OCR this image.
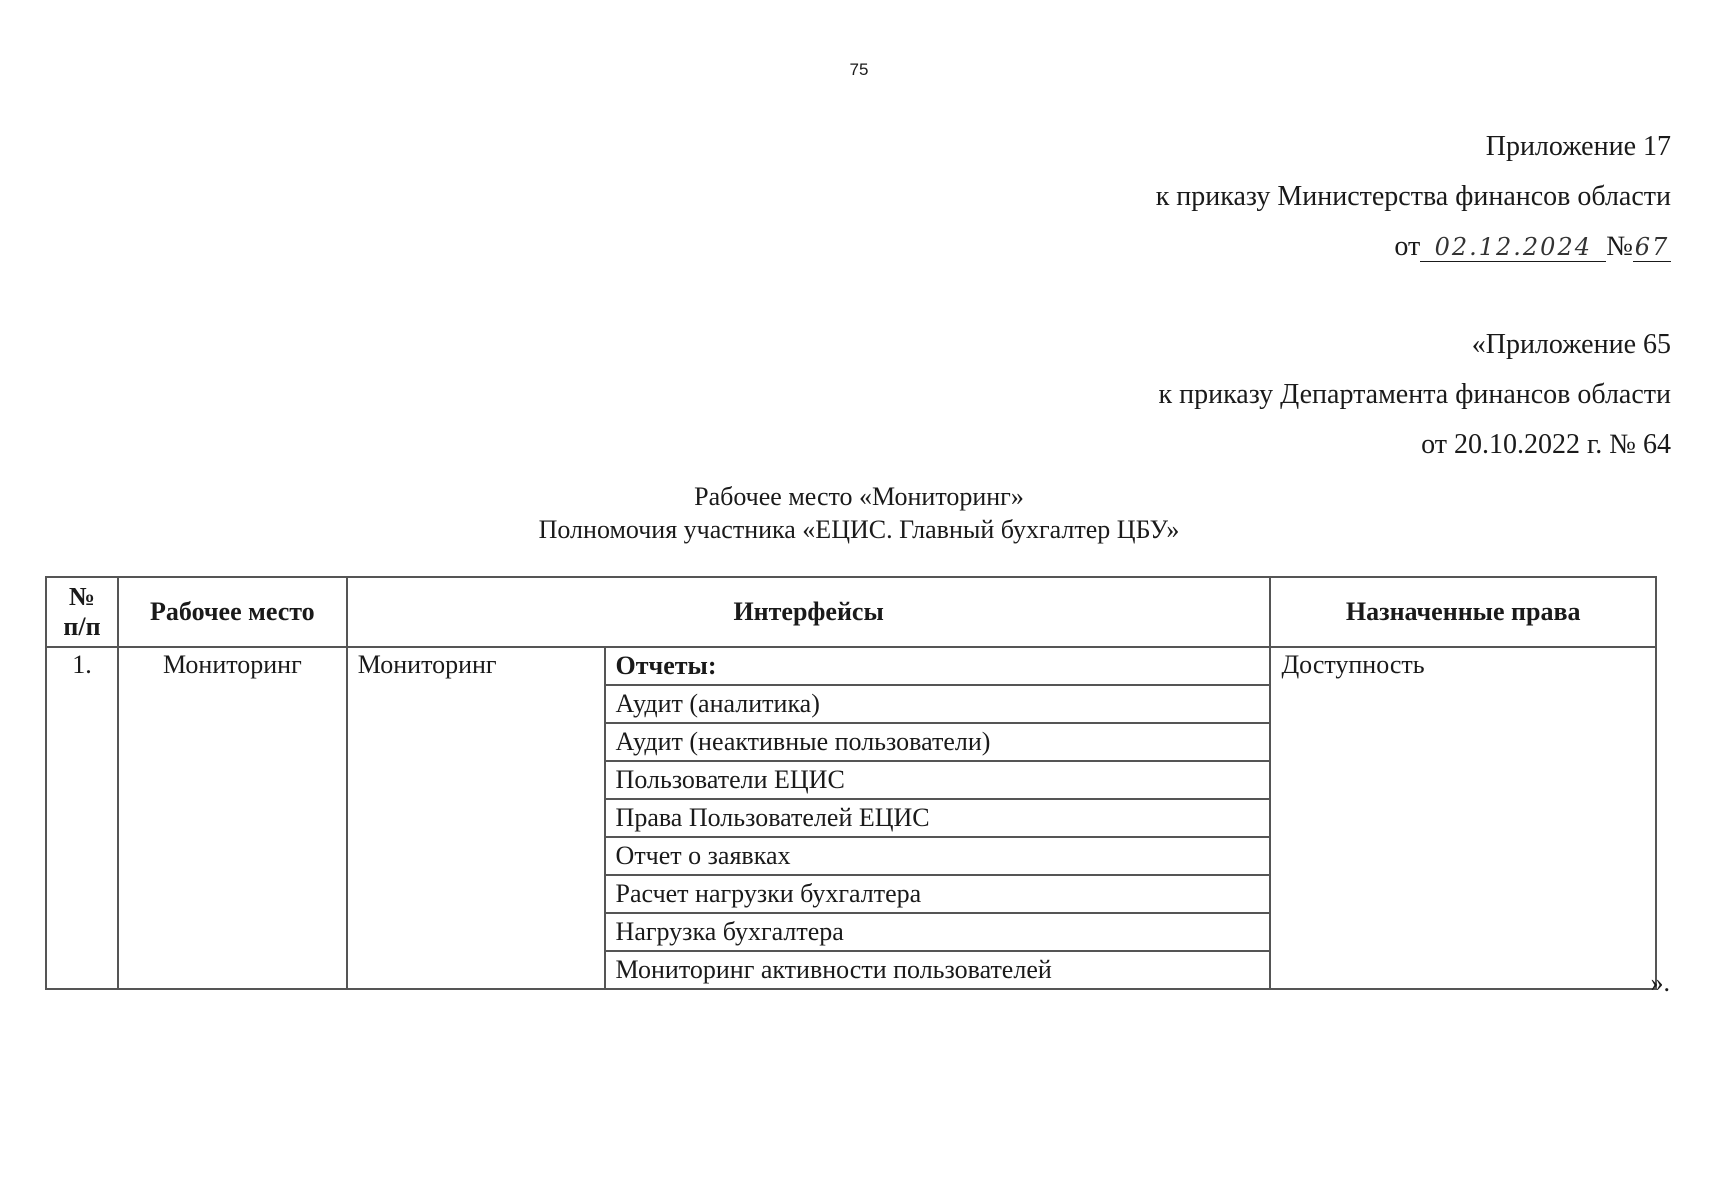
75
Приложение 17
к приказу Министерства финансов области
от 02.12.2024 №67
«Приложение 65
к приказу Департамента финансов области
от 20.10.2022 г. № 64
Рабочее место «Мониторинг»
Полномочия участника «ЕЦИС. Главный бухгалтер ЦБУ»
№
п/п	Рабочее место	Интерфейсы		Назначенные права
1.	Мониторинг	Мониторинг	Отчеты:	Доступность
			Аудит (аналитика)	
			Аудит (неактивные пользователи)	
			Пользователи ЕЦИС	
			Права Пользователей ЕЦИС	
			Отчет о заявках	
			Расчет нагрузки бухгалтера	
			Нагрузка бухгалтера	
			Мониторинг активности пользователей		».
